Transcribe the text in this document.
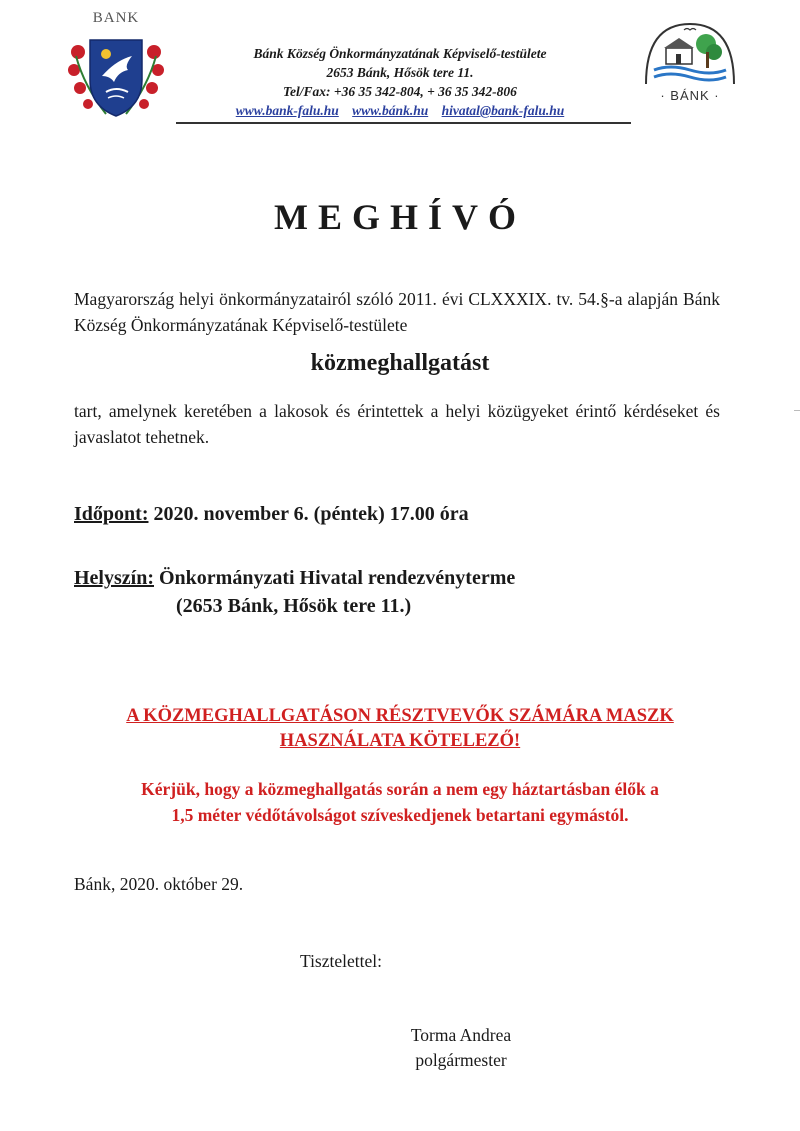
BANK
Bánk Község Önkormányzatának Képviselő-testülete
2653 Bánk, Hősök tere 11.
Tel/Fax: +36 35 342-804, + 36 35 342-806
www.bank-falu.hu www.bánk.hu hivatal@bank-falu.hu
· BÁNK ·
MEGHÍVÓ
Magyarország helyi önkormányzatairól szóló 2011. évi CLXXXIX. tv. 54.§-a alapján Bánk Község Önkormányzatának Képviselő-testülete
közmeghallgatást
tart, amelynek keretében a lakosok és érintettek a helyi közügyeket érintő kérdéseket és javaslatot tehetnek.
Időpont: 2020. november 6. (péntek) 17.00 óra
Helyszín: Önkormányzati Hivatal rendezvényterme
(2653 Bánk, Hősök tere 11.)
A KÖZMEGHALLGATÁSON RÉSZTVEVŐK SZÁMÁRA MASZK
HASZNÁLATA KÖTELEZŐ!
Kérjük, hogy a közmeghallgatás során a nem egy háztartásban élők a
1,5 méter védőtávolságot szíveskedjenek betartani egymástól.
Bánk, 2020. október 29.
Tisztelettel:
Torma Andrea
polgármester
